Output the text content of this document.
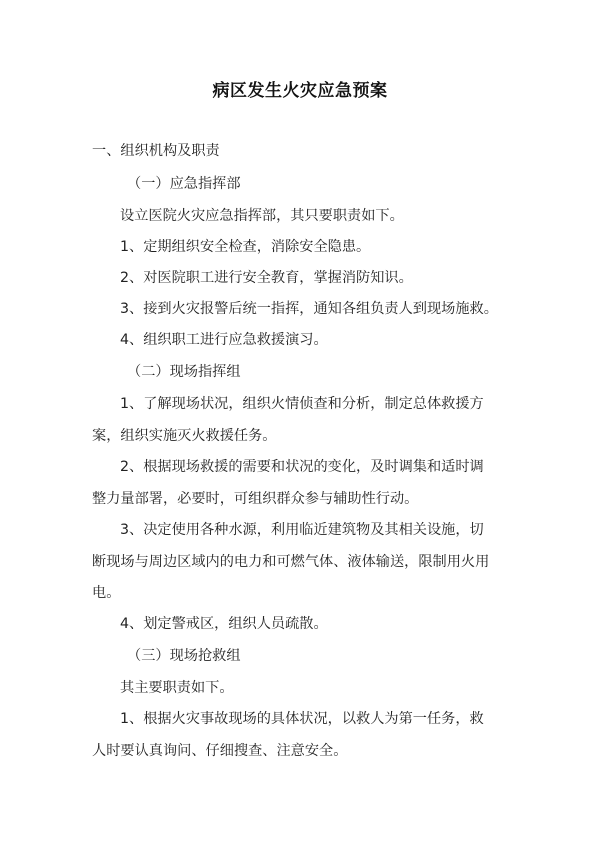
病区发生火灾应急预案
一、组织机构及职责
（一）应急指挥部
设立医院火灾应急指挥部，其只要职责如下。
1、定期组织安全检查，消除安全隐患。
2、对医院职工进行安全教育，掌握消防知识。
3、接到火灾报警后统一指挥，通知各组负责人到现场施救。
4、组织职工进行应急救援演习。
（二）现场指挥组
1、了解现场状况，组织火情侦查和分析，制定总体救援方
案，组织实施灭火救援任务。
2、根据现场救援的需要和状况的变化，及时调集和适时调
整力量部署，必要时，可组织群众参与辅助性行动。
3、决定使用各种水源，利用临近建筑物及其相关设施，切
断现场与周边区域内的电力和可燃气体、液体输送，限制用火用
电。
4、划定警戒区，组织人员疏散。
（三）现场抢救组
其主要职责如下。
1、根据火灾事故现场的具体状况，以救人为第一任务，救
人时要认真询问、仔细搜查、注意安全。
